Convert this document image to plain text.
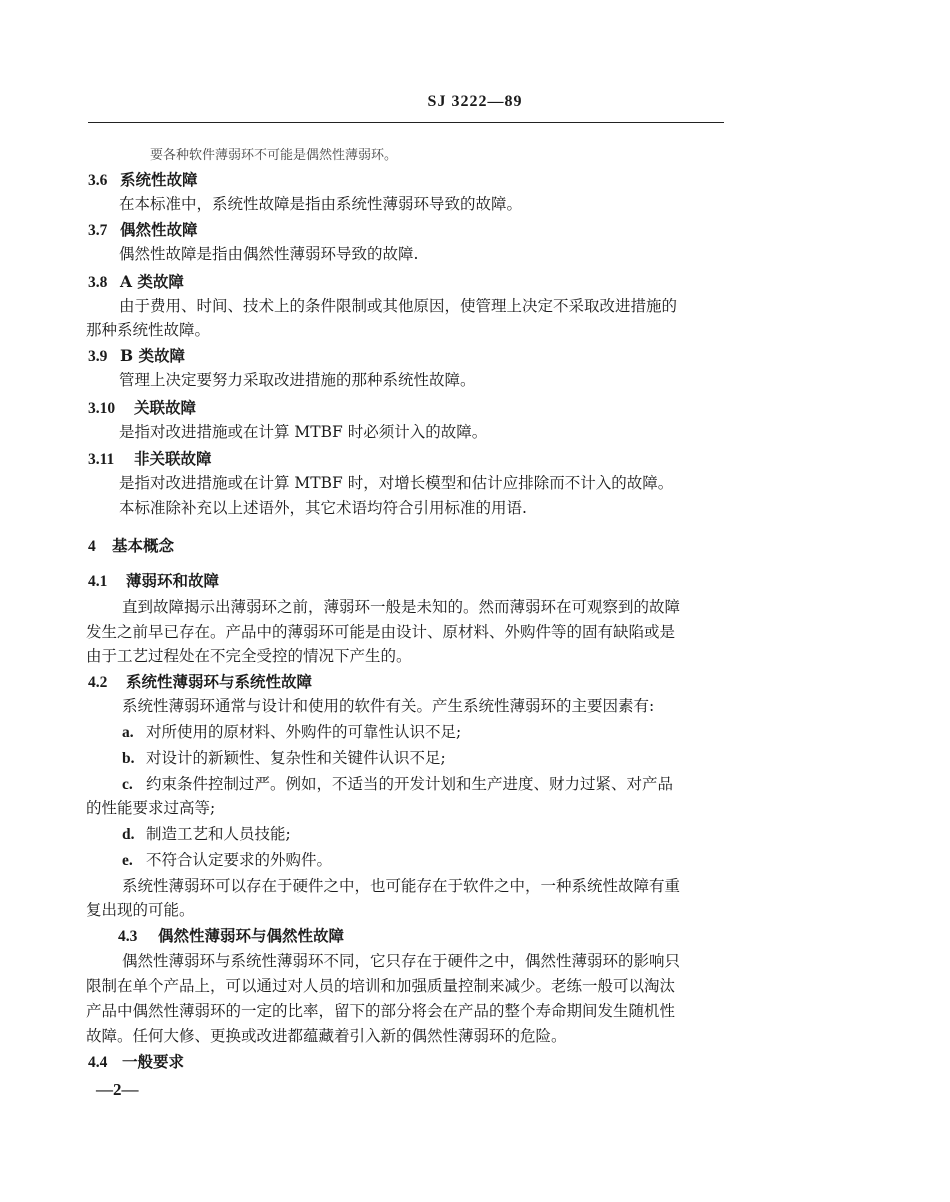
SJ 3222—89
要各种软件薄弱环不可能是偶然性薄弱环。
3.6 系统性故障
在本标准中，系统性故障是指由系统性薄弱环导致的故障。
3.7 偶然性故障
偶然性故障是指由偶然性薄弱环导致的故障.
3.8 A 类故障
由于费用、时间、技术上的条件限制或其他原因，使管理上决定不采取改进措施的
那种系统性故障。
3.9 B 类故障
管理上决定要努力采取改进措施的那种系统性故障。
3.10 关联故障
是指对改进措施或在计算 MTBF 时必须计入的故障。
3.11 非关联故障
是指对改进措施或在计算 MTBF 时，对增长模型和估计应排除而不计入的故障。
本标准除补充以上述语外，其它术语均符合引用标准的用语.
4 基本概念
4.1 薄弱环和故障
直到故障揭示出薄弱环之前，薄弱环一般是未知的。然而薄弱环在可观察到的故障
发生之前早已存在。产品中的薄弱环可能是由设计、原材料、外购件等的固有缺陷或是
由于工艺过程处在不完全受控的情况下产生的。
4.2 系统性薄弱环与系统性故障
系统性薄弱环通常与设计和使用的软件有关。产生系统性薄弱环的主要因素有:
a. 对所使用的原材料、外购件的可靠性认识不足;
b. 对设计的新颖性、复杂性和关键件认识不足;
c. 约束条件控制过严。例如，不适当的开发计划和生产进度、财力过紧、对产品
的性能要求过高等;
d. 制造工艺和人员技能;
e. 不符合认定要求的外购件。
系统性薄弱环可以存在于硬件之中，也可能存在于软件之中，一种系统性故障有重
复出现的可能。
4.3 偶然性薄弱环与偶然性故障
偶然性薄弱环与系统性薄弱环不同，它只存在于硬件之中，偶然性薄弱环的影响只
限制在单个产品上，可以通过对人员的培训和加强质量控制来减少。老练一般可以淘汰
产品中偶然性薄弱环的一定的比率，留下的部分将会在产品的整个寿命期间发生随机性
故障。任何大修、更换或改进都蕴藏着引入新的偶然性薄弱环的危险。
4.4 一般要求
—2—
